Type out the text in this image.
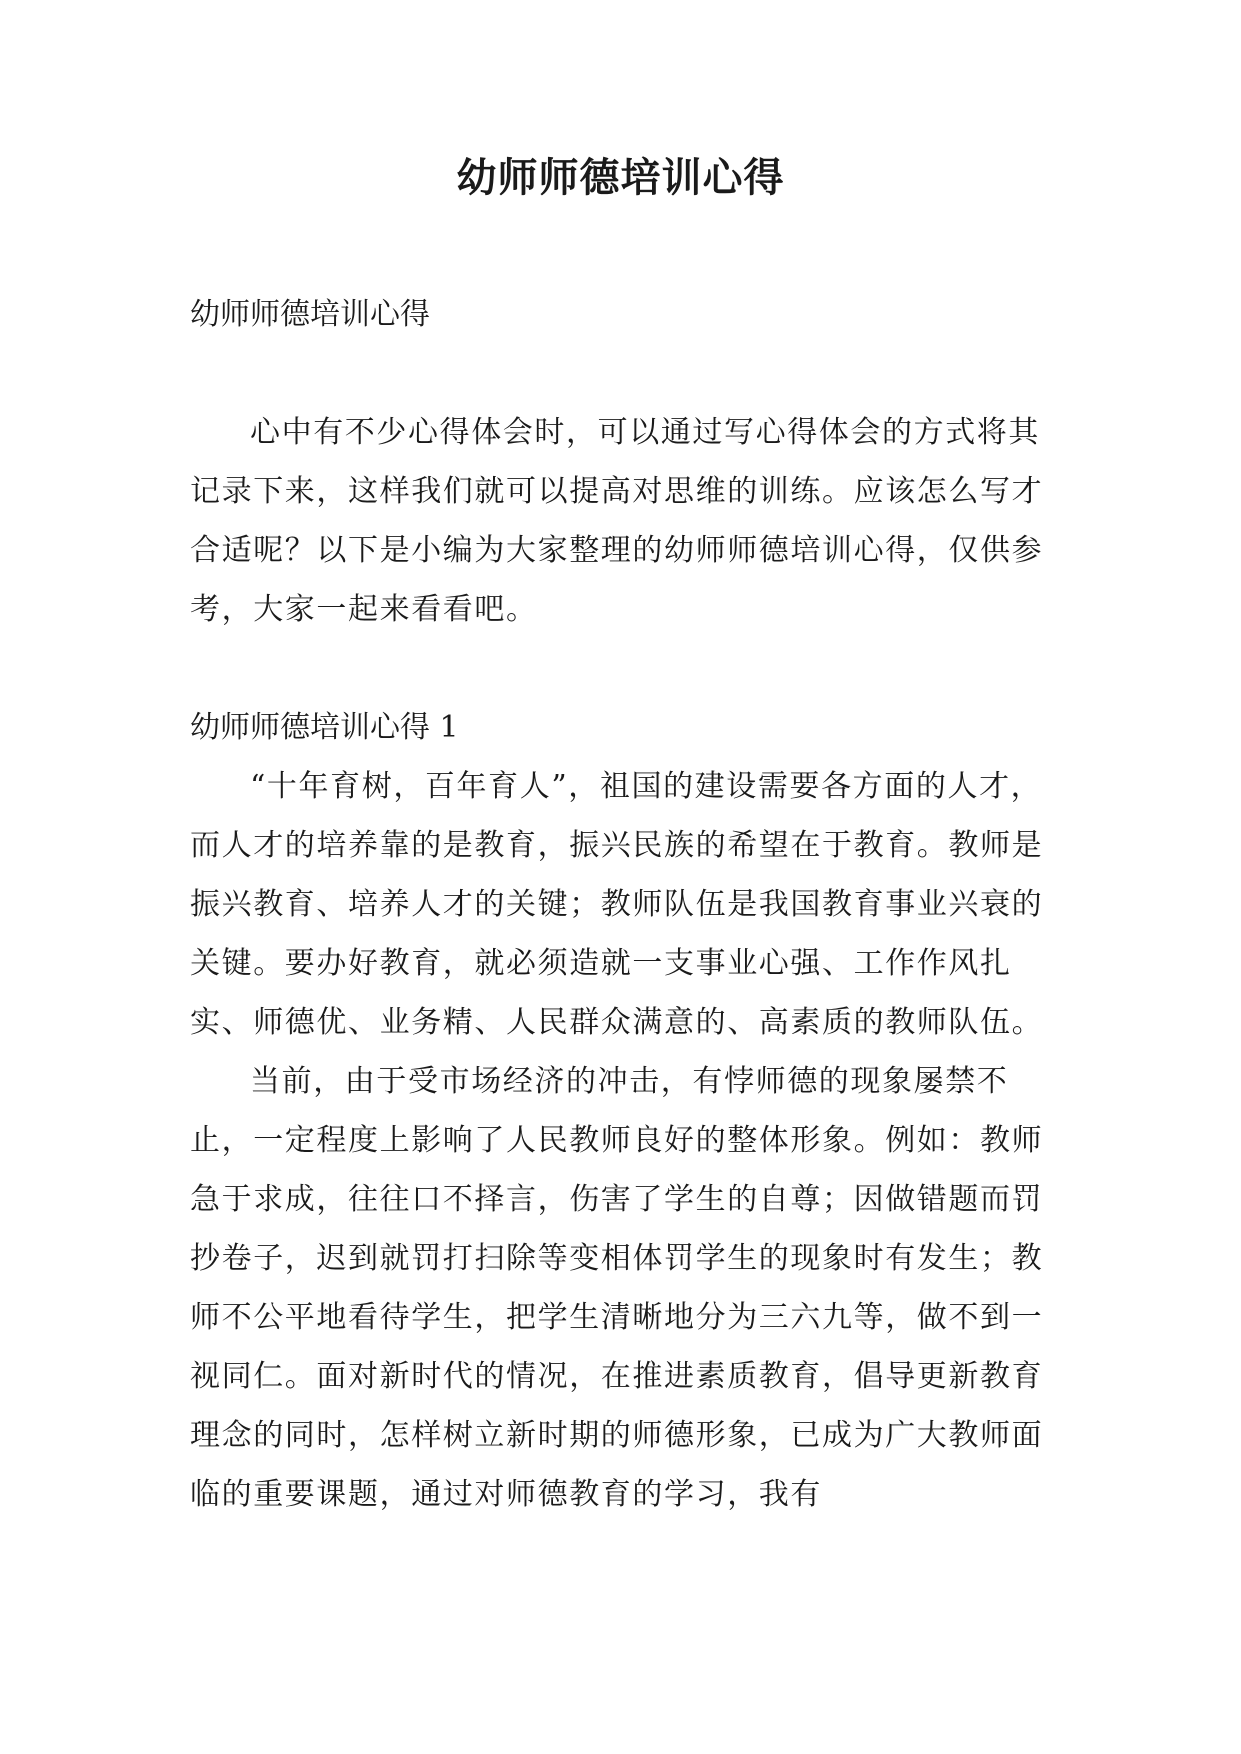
幼师师德培训心得

幼师师德培训心得

心中有不少心得体会时，可以通过写心得体会的方式将其记录下来，这样我们就可以提高对思维的训练。应该怎么写才合适呢？以下是小编为大家整理的幼师师德培训心得，仅供参考，大家一起来看看吧。

幼师师德培训心得 1

“十年育树，百年育人”，祖国的建设需要各方面的人才，而人才的培养靠的是教育，振兴民族的希望在于教育。教师是振兴教育、培养人才的关键；教师队伍是我国教育事业兴衰的关键。要办好教育，就必须造就一支事业心强、工作作风扎实、师德优、业务精、人民群众满意的、高素质的教师队伍。

当前，由于受市场经济的冲击，有悖师德的现象屡禁不止，一定程度上影响了人民教师良好的整体形象。例如：教师急于求成，往往口不择言，伤害了学生的自尊；因做错题而罚抄卷子，迟到就罚打扫除等变相体罚学生的现象时有发生；教师不公平地看待学生，把学生清晰地分为三六九等，做不到一视同仁。面对新时代的情况，在推进素质教育，倡导更新教育理念的同时，怎样树立新时期的师德形象，已成为广大教师面临的重要课题，通过对师德教育的学习，我有
